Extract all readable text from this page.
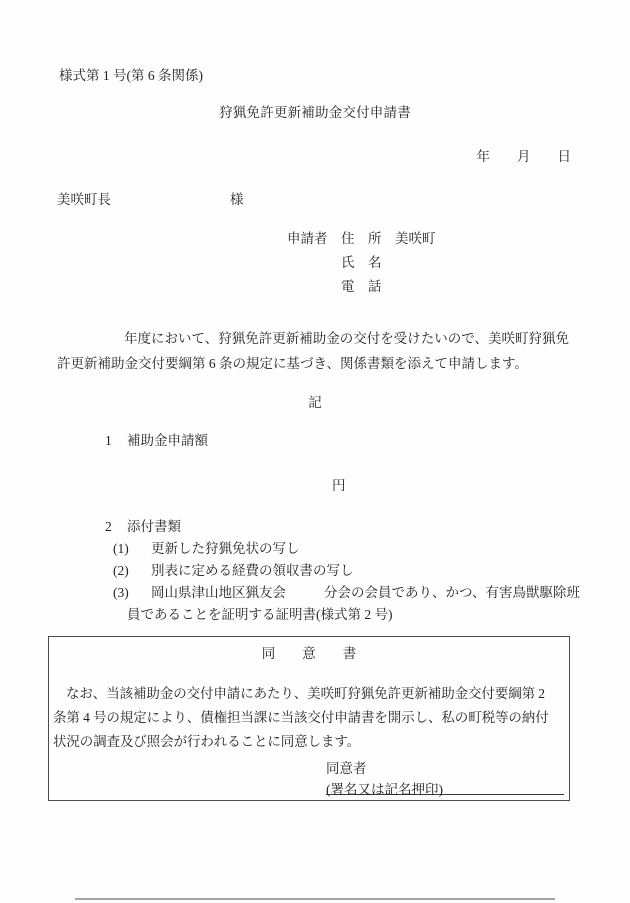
様式第 1 号(第 6 条関係)
狩猟免許更新補助金交付申請書
年　　月　　日
美咲町長	様
申請者　住　所　美咲町
氏　名
電　話
年度において、狩猟免許更新補助金の交付を受けたいので、美咲町狩猟免
許更新補助金交付要綱第 6 条の規定に基づき、関係書類を添えて申請します。
記
1 補助金申請額
円
2 添付書類
(1)	更新した狩猟免状の写し
(2)	別表に定める経費の領収書の写し
(3)	岡山県津山地区猟友会	分会の会員であり、かつ、有害鳥獣駆除班
員であることを証明する証明書(様式第 2 号)
同　　意　　書
なお、当該補助金の交付申請にあたり、美咲町狩猟免許更新補助金交付要綱第 2
条第 4 号の規定により、債権担当課に当該交付申請書を開示し、私の町税等の納付
状況の調査及び照会が行われることに同意します。
同意者
(署名又は記名押印)
